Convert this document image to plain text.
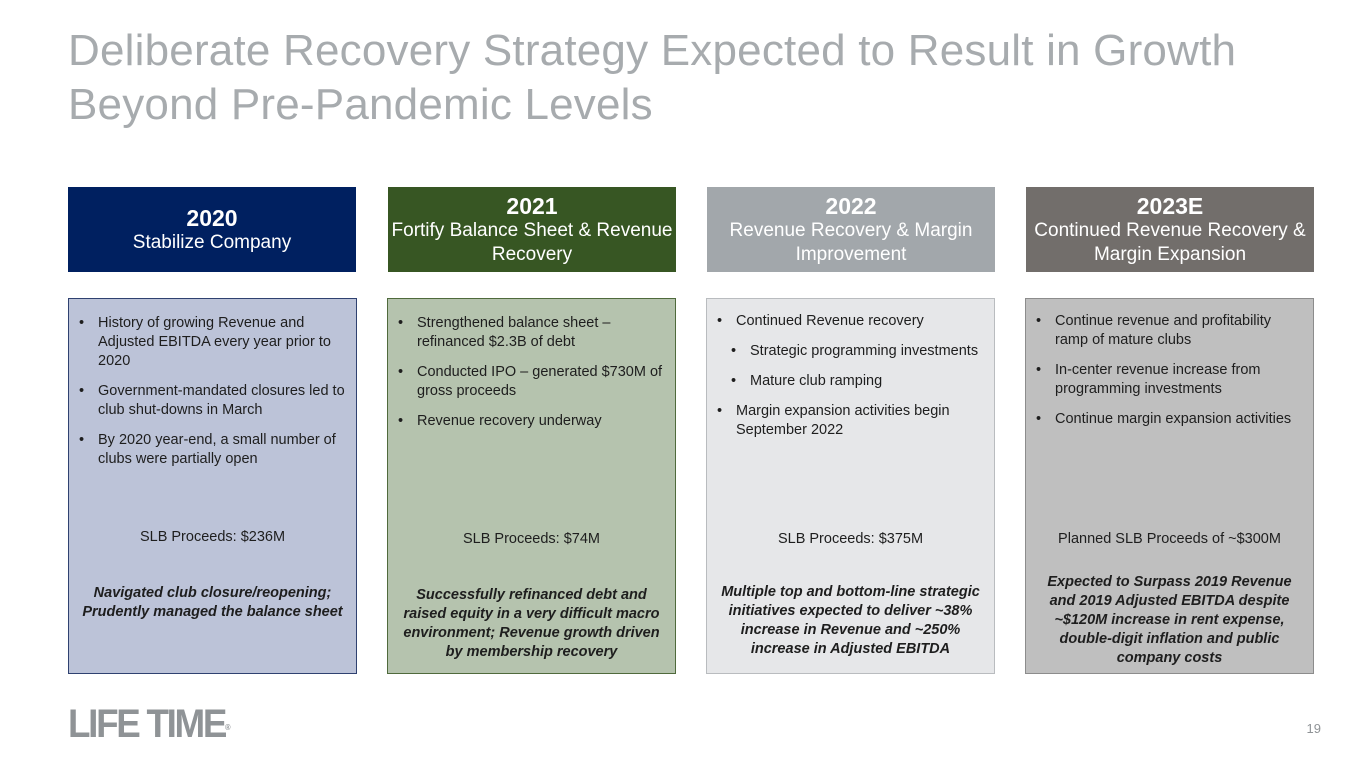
Deliberate Recovery Strategy Expected to Result in Growth Beyond Pre-Pandemic Levels
2020
Stabilize Company
• History of growing Revenue and Adjusted EBITDA every year prior to 2020
• Government-mandated closures led to club shut-downs in March
• By 2020 year-end, a small number of clubs were partially open
SLB Proceeds: $236M
Navigated club closure/reopening; Prudently managed the balance sheet
2021
Fortify Balance Sheet & Revenue Recovery
• Strengthened balance sheet – refinanced $2.3B of debt
• Conducted IPO – generated $730M of gross proceeds
• Revenue recovery underway
SLB Proceeds: $74M
Successfully refinanced debt and raised equity in a very difficult macro environment; Revenue growth driven by membership recovery
2022
Revenue Recovery & Margin Improvement
• Continued Revenue recovery
• Strategic programming investments
• Mature club ramping
• Margin expansion activities begin September 2022
SLB Proceeds: $375M
Multiple top and bottom-line strategic initiatives expected to deliver ~38% increase in Revenue and ~250% increase in Adjusted EBITDA
2023E
Continued Revenue Recovery & Margin Expansion
• Continue revenue and profitability ramp of mature clubs
• In-center revenue increase from programming investments
• Continue margin expansion activities
Planned SLB Proceeds of ~$300M
Expected to Surpass 2019 Revenue and 2019 Adjusted EBITDA despite ~$120M increase in rent expense, double-digit inflation and public company costs
LIFE TIME®	19
